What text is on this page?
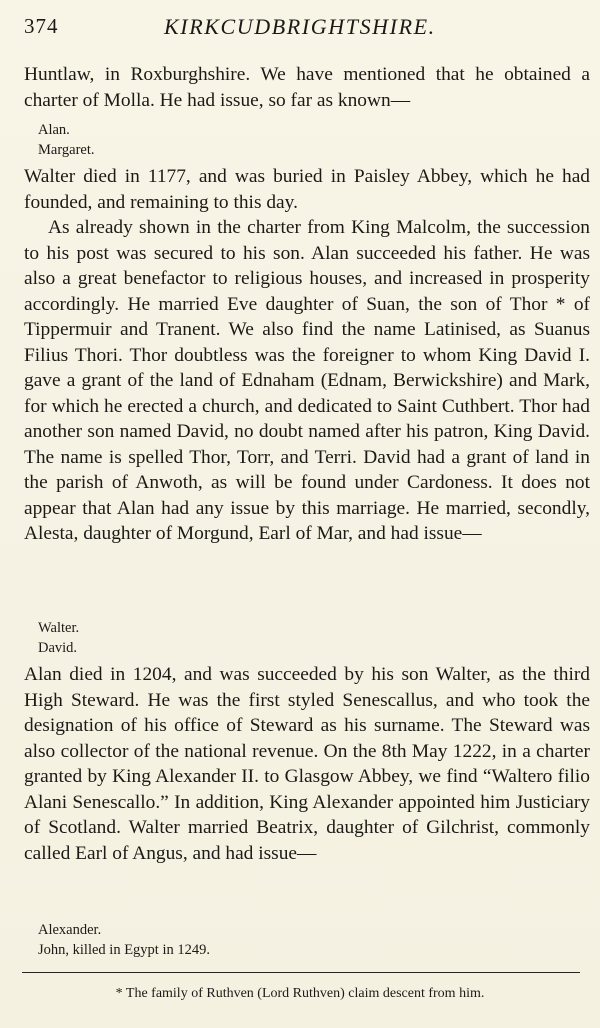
374	KIRKCUDBRIGHTSHIRE.

Huntlaw, in Roxburghshire. We have mentioned that he obtained a charter of Molla. He had issue, so far as known—

Alan.
Margaret.

Walter died in 1177, and was buried in Paisley Abbey, which he had founded, and remaining to this day.

As already shown in the charter from King Malcolm, the succession to his post was secured to his son. Alan succeeded his father. He was also a great benefactor to religious houses, and increased in prosperity accordingly. He married Eve daughter of Suan, the son of Thor * of Tippermuir and Tranent. We also find the name Latinised, as Suanus Filius Thori. Thor doubtless was the foreigner to whom King David I. gave a grant of the land of Ednaham (Ednam, Berwickshire) and Mark, for which he erected a church, and dedicated to Saint Cuthbert. Thor had another son named David, no doubt named after his patron, King David. The name is spelled Thor, Torr, and Terri. David had a grant of land in the parish of Anwoth, as will be found under Cardoness. It does not appear that Alan had any issue by this marriage. He married, secondly, Alesta, daughter of Morgund, Earl of Mar, and had issue—

Walter.
David.

Alan died in 1204, and was succeeded by his son Walter, as the third High Steward. He was the first styled Senescallus, and who took the designation of his office of Steward as his surname. The Steward was also collector of the national revenue. On the 8th May 1222, in a charter granted by King Alexander II. to Glasgow Abbey, we find “Waltero filio Alani Senescallo.” In addition, King Alexander appointed him Justiciary of Scotland. Walter married Beatrix, daughter of Gilchrist, commonly called Earl of Angus, and had issue—

Alexander.
John, killed in Egypt in 1249.
* The family of Ruthven (Lord Ruthven) claim descent from him.
